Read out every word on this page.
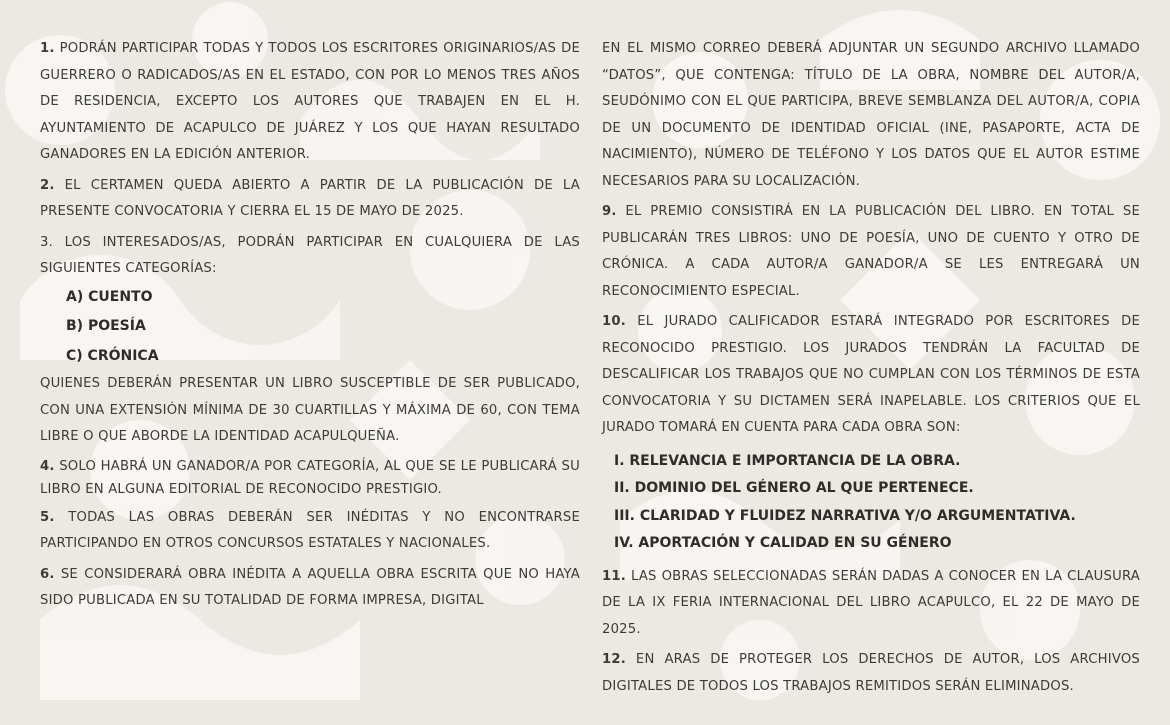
1. PODRÁN PARTICIPAR TODAS Y TODOS LOS ESCRITORES ORIGINARIOS/AS DE GUERRERO O RADICADOS/AS EN EL ESTADO, CON POR LO MENOS TRES AÑOS DE RESIDENCIA, EXCEPTO LOS AUTORES QUE TRABAJEN EN EL H. AYUNTAMIENTO DE ACAPULCO DE JUÁREZ Y LOS QUE HAYAN RESULTADO GANADORES EN LA EDICIÓN ANTERIOR.

2. EL CERTAMEN QUEDA ABIERTO A PARTIR DE LA PUBLICACIÓN DE LA PRESENTE CONVOCATORIA Y CIERRA EL 15 DE MAYO DE 2025.

3. LOS INTERESADOS/AS, PODRÁN PARTICIPAR EN CUALQUIERA DE LAS SIGUIENTES CATEGORÍAS:

A) CUENTO
B) POESÍA
C) CRÓNICA

QUIENES DEBERÁN PRESENTAR UN LIBRO SUSCEPTIBLE DE SER PUBLICADO, CON UNA EXTENSIÓN MÍNIMA DE 30 CUARTILLAS Y MÁXIMA DE 60, CON TEMA LIBRE O QUE ABORDE LA IDENTIDAD ACAPULQUEÑA.

4. SOLO HABRÁ UN GANADOR/A POR CATEGORÍA, AL QUE SE LE PUBLICARÁ SU LIBRO EN ALGUNA EDITORIAL DE RECONOCIDO PRESTIGIO.

5. TODAS LAS OBRAS DEBERÁN SER INÉDITAS Y NO ENCONTRARSE PARTICIPANDO EN OTROS CONCURSOS ESTATALES Y NACIONALES.

6. SE CONSIDERARÁ OBRA INÉDITA A AQUELLA OBRA ESCRITA QUE NO HAYA SIDO PUBLICADA EN SU TOTALIDAD DE FORMA IMPRESA, DIGITAL

EN EL MISMO CORREO DEBERÁ ADJUNTAR UN SEGUNDO ARCHIVO LLAMADO “DATOS”, QUE CONTENGA: TÍTULO DE LA OBRA, NOMBRE DEL AUTOR/A, SEUDÓNIMO CON EL QUE PARTICIPA, BREVE SEMBLANZA DEL AUTOR/A, COPIA DE UN DOCUMENTO DE IDENTIDAD OFICIAL (INE, PASAPORTE, ACTA DE NACIMIENTO), NÚMERO DE TELÉFONO Y LOS DATOS QUE EL AUTOR ESTIME NECESARIOS PARA SU LOCALIZACIÓN.

9. EL PREMIO CONSISTIRÁ EN LA PUBLICACIÓN DEL LIBRO. EN TOTAL SE PUBLICARÁN TRES LIBROS: UNO DE POESÍA, UNO DE CUENTO Y OTRO DE CRÓNICA. A CADA AUTOR/A GANADOR/A SE LES ENTREGARÁ UN RECONOCIMIENTO ESPECIAL.

10. EL JURADO CALIFICADOR ESTARÁ INTEGRADO POR ESCRITORES DE RECONOCIDO PRESTIGIO. LOS JURADOS TENDRÁN LA FACULTAD DE DESCALIFICAR LOS TRABAJOS QUE NO CUMPLAN CON LOS TÉRMINOS DE ESTA CONVOCATORIA Y SU DICTAMEN SERÁ INAPELABLE. LOS CRITERIOS QUE EL JURADO TOMARÁ EN CUENTA PARA CADA OBRA SON:

I. RELEVANCIA E IMPORTANCIA DE LA OBRA.
II. DOMINIO DEL GÉNERO AL QUE PERTENECE.
III. CLARIDAD Y FLUIDEZ NARRATIVA Y/O ARGUMENTATIVA.
IV. APORTACIÓN Y CALIDAD EN SU GÉNERO

11. LAS OBRAS SELECCIONADAS SERÁN DADAS A CONOCER EN LA CLAUSURA DE LA IX FERIA INTERNACIONAL DEL LIBRO ACAPULCO, EL 22 DE MAYO DE 2025.

12. EN ARAS DE PROTEGER LOS DERECHOS DE AUTOR, LOS ARCHIVOS DIGITALES DE TODOS LOS TRABAJOS REMITIDOS SERÁN ELIMINADOS.
